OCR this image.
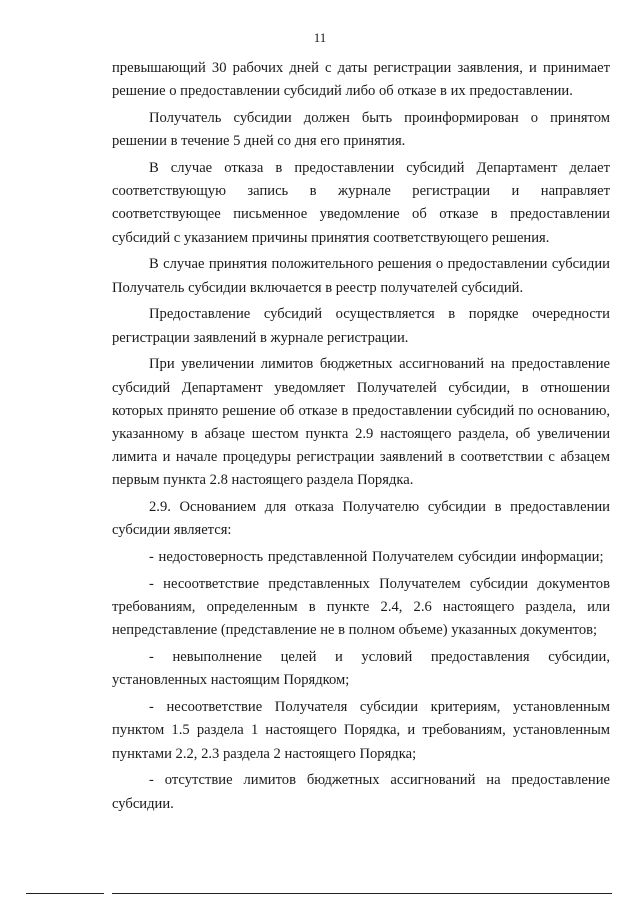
11

превышающий 30 рабочих дней с даты регистрации заявления, и принимает решение о предоставлении субсидий либо об отказе в их предоставлении.

Получатель субсидии должен быть проинформирован о принятом решении в течение 5 дней со дня его принятия.

В случае отказа в предоставлении субсидий Департамент делает соответствующую запись в журнале регистрации и направляет соответствующее письменное уведомление об отказе в предоставлении субсидий с указанием причины принятия соответствующего решения.

В случае принятия положительного решения о предоставлении субсидии Получатель субсидии включается в реестр получателей субсидий.

Предоставление субсидий осуществляется в порядке очередности регистрации заявлений в журнале регистрации.

При увеличении лимитов бюджетных ассигнований на предоставление субсидий Департамент уведомляет Получателей субсидии, в отношении которых принято решение об отказе в предоставлении субсидий по основанию, указанному в абзаце шестом пункта 2.9 настоящего раздела, об увеличении лимита и начале процедуры регистрации заявлений в соответствии с абзацем первым пункта 2.8 настоящего раздела Порядка.

2.9. Основанием для отказа Получателю субсидии в предоставлении субсидии является:

- недостоверность представленной Получателем субсидии информации;

- несоответствие представленных Получателем субсидии документов требованиям, определенным в пункте 2.4, 2.6 настоящего раздела, или непредставление (представление не в полном объеме) указанных документов;

- невыполнение целей и условий предоставления субсидии, установленных настоящим Порядком;

- несоответствие Получателя субсидии критериям, установленным пунктом 1.5 раздела 1 настоящего Порядка, и требованиям, установленным пунктами 2.2, 2.3 раздела 2 настоящего Порядка;

- отсутствие лимитов бюджетных ассигнований на предоставление субсидии.
